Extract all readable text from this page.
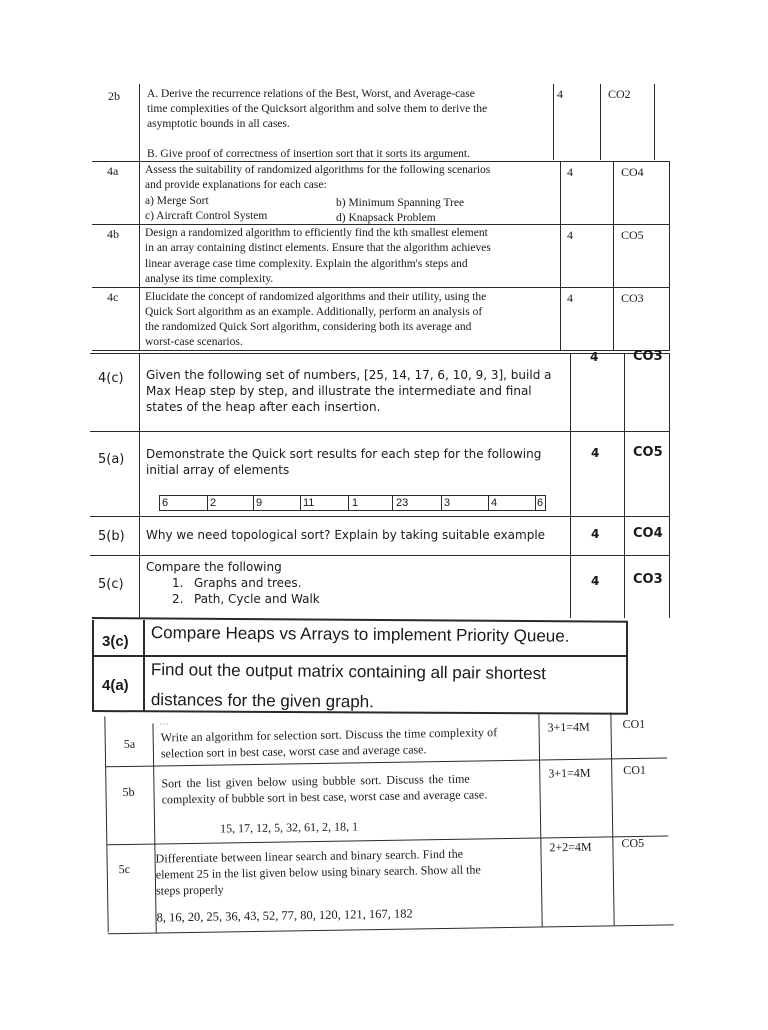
2b A. Derive the recurrence relations of the Best, Worst, and Average-case
time complexities of the Quicksort algorithm and solve them to derive the
asymptotic bounds in all cases.
B. Give proof of correctness of insertion sort that it sorts its argument.
4	CO2
4a Assess the suitability of randomized algorithms for the following scenarios
and provide explanations for each case:
a) Merge Sort	b) Minimum Spanning Tree
c) Aircraft Control System	d) Knapsack Problem
4	CO4
4b Design a randomized algorithm to efficiently find the kth smallest element
in an array containing distinct elements. Ensure that the algorithm achieves
linear average case time complexity. Explain the algorithm's steps and
analyse its time complexity.
4	CO5
4c Elucidate the concept of randomized algorithms and their utility, using the
Quick Sort algorithm as an example. Additionally, perform an analysis of
the randomized Quick Sort algorithm, considering both its average and
worst-case scenarios.
4	CO3
4(c) Given the following set of numbers, [25, 14, 17, 6, 10, 9, 3], build a
Max Heap step by step, and illustrate the intermediate and final
states of the heap after each insertion.
4	CO3
5(a) Demonstrate the Quick sort results for each step for the following
initial array of elements
4	CO5
6	2	9	11	1	23	3	4	6
5(b) Why we need topological sort? Explain by taking suitable example	4	CO4
5(c)
Compare the following
1. Graphs and trees.
2. Path, Cycle and Walk
4	CO3
3(c) Compare Heaps vs Arrays to implement Priority Queue.
4(a)
Find out the output matrix containing all pair shortest
distances for the given graph.
…
5a Write an algorithm for selection sort. Discuss the time complexity of
selection sort in best case, worst case and average case.
3+1=4M	CO1
5b
Sort the list given below using bubble sort. Discuss the time
complexity of bubble sort in best case, worst case and average case.
15, 17, 12, 5, 32, 61, 2, 18, 1
3+1=4M	CO1
5c
Differentiate between linear search and binary search. Find the
element 25 in the list given below using binary search. Show all the
steps properly
8, 16, 20, 25, 36, 43, 52, 77, 80, 120, 121, 167, 182
2+2=4M CO5
